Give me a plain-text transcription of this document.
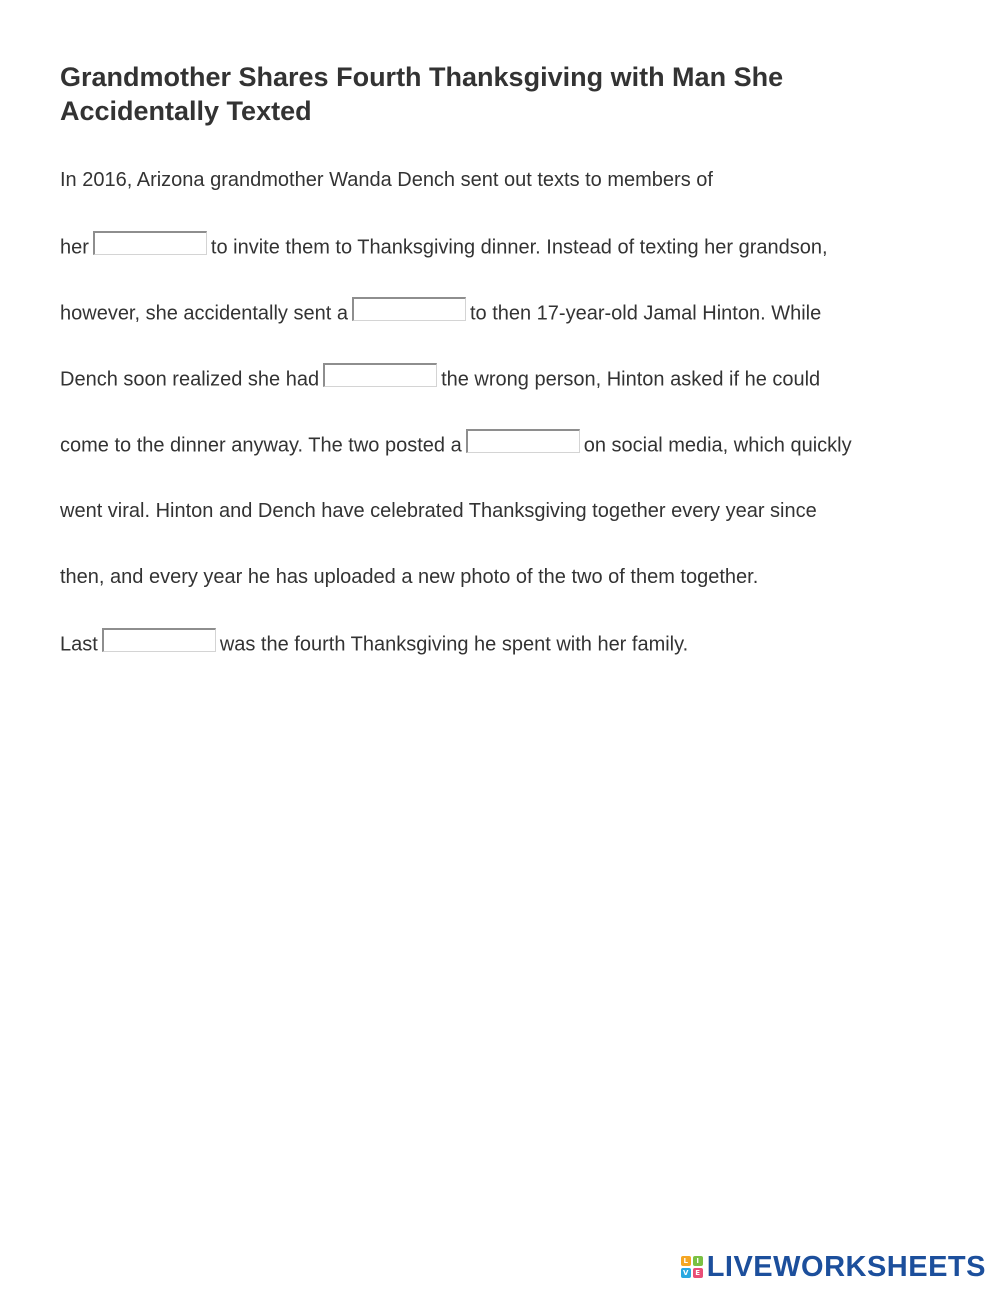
Grandmother Shares Fourth Thanksgiving with Man She Accidentally Texted
In 2016, Arizona grandmother Wanda Dench sent out texts to members of
her	to invite them to Thanksgiving dinner. Instead of texting her grandson,
however, she accidentally sent a	to then 17-year-old Jamal Hinton. While
Dench soon realized she had	the wrong person, Hinton asked if he could
come to the dinner anyway. The two posted a	on social media, which quickly
went viral. Hinton and Dench have celebrated Thanksgiving together every year since
then, and every year he has uploaded a new photo of the two of them together.
Last	was the fourth Thanksgiving he spent with her family.
L	I
V E LIVEWORKSHEETS
